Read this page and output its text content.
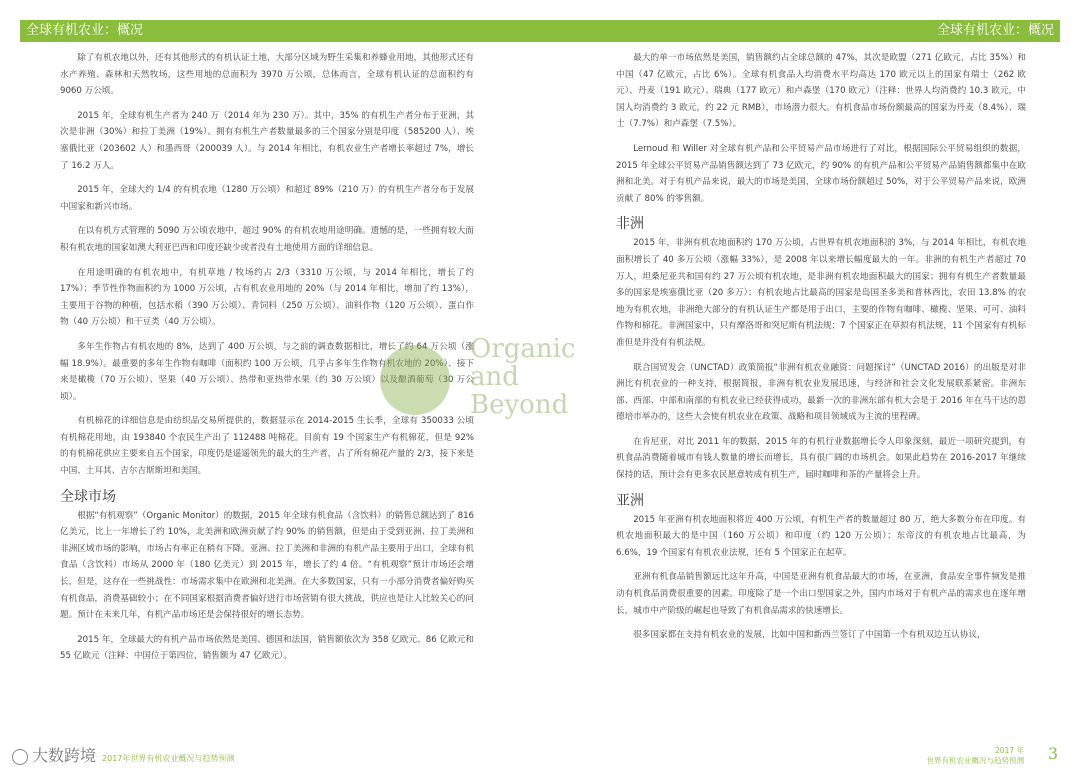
全球有机农业：概况

除了有机农地以外，还有其他形式的有机认证土地，大部分区域为野生采集和养蜂业用地，其他形式还有水产养殖、森林和天然牧场，这些用地的总面积为 3970 万公顷，总体而言，全球有机认证的总面积约有 9060 万公顷。

2015 年，全球有机生产者为 240 万（2014 年为 230 万）。其中，35% 的有机生产者分布于亚洲，其次是非洲（30%）和拉丁美洲（19%）。拥有有机生产者数量最多的三个国家分别是印度（585200 人）、埃塞俄比亚（203602 人）和墨西哥（200039 人）。与 2014 年相比，有机农业生产者增长率超过 7%，增长了 16.2 万人。

2015 年，全球大约 1/4 的有机农地（1280 万公顷）和超过 89%（210 万）的有机生产者分布于发展中国家和新兴市场。

在以有机方式管理的 5090 万公顷农地中，超过 90% 的有机农地用途明确。遗憾的是，一些拥有较大面积有机农地的国家如澳大利亚巴西和印度还缺少或者没有土地使用方面的详细信息。

在用途明确的有机农地中，有机草地 / 牧场约占 2/3（3310 万公顷，与 2014 年相比，增长了约 17%）；季节性作物面积约为 1000 万公顷，占有机农业用地的 20%（与 2014 年相比，增加了约 13%），主要用于谷物的种植，包括水稻（390 万公顷）、青饲料（250 万公顷）、油料作物（120 万公顷）、蛋白作物（40 万公顷）和干豆类（40 万公顷）。

多年生作物占有机农地的 8%，达到了 400 万公顷，与之前的调查数据相比，增长了约 64 万公顷（涨幅 18.9%）。最重要的多年生作物有咖啡（面积约 100 万公顷，几乎占多年生作物有机农地的 20%）、接下来是橄榄（70 万公顷）、坚果（40 万公顷）、热带和亚热带水果（约 30 万公顷）以及酿酒葡萄（30 万公顷）。

有机棉花的详细信息是由纺织品交易所提供的，数据显示在 2014-2015 生长季，全球有 350033 公顷有机棉花用地，由 193840 个农民生产出了 112488 吨棉花。目前有 19 个国家生产有机棉花，但是 92% 的有机棉花供应主要来自五个国家，印度仍是遥遥领先的最大的生产者，占了所有棉花产量的 2/3，接下来是中国、土耳其、吉尔吉斯斯坦和美国。

全球市场

根据“有机观察”（Organic Monitor）的数据，2015 年全球有机食品（含饮料）的销售总额达到了 816 亿美元，比上一年增长了约 10%，北美洲和欧洲贡献了约 90% 的销售额，但是由于受到亚洲、拉丁美洲和非洲区域市场的影响，市场占有率正在稍有下降。亚洲、拉丁美洲和非洲的有机产品主要用于出口，全球有机食品（含饮料）市场从 2000 年（180 亿美元）到 2015 年，增长了约 4 倍。“有机观察”预计市场还会增长，但是，这存在一些挑战性：市场需求集中在欧洲和北美洲。在大多数国家，只有一小部分消费者偏好购买有机食品，消费基础较小；在不同国家根据消费者偏好进行市场营销有很大挑战，供应也是让人比较关心的问题。预计在未来几年，有机产品市场还是会保持很好的增长态势。

2015 年，全球最大的有机产品市场依然是美国、德国和法国，销售额依次为 358 亿欧元、86 亿欧元和 55 亿欧元（注释：中国位于第四位，销售额为 47 亿欧元）。

大数跨境 2017年世界有机农业概况与趋势预测
全球有机农业：概况

最大的单一市场依然是美国，销售额约占全球总额的 47%，其次是欧盟（271 亿欧元，占比 35%）和中国（47 亿欧元，占比 6%）。全球有机食品人均消费水平均高达 170 欧元以上的国家有瑞士（262 欧元）、丹麦（191 欧元）、瑞典（177 欧元）和卢森堡（170 欧元）（注释：世界人均消费约 10.3 欧元，中国人均消费约 3 欧元，约 22 元 RMB），市场潜力很大。有机食品市场份额最高的国家为丹麦（8.4%）、瑞士（7.7%）和卢森堡（7.5%）。

Lernoud 和 Willer 对全球有机产品和公平贸易产品市场进行了对比，根据国际公平贸易组织的数据，2015 年全球公平贸易产品销售额达到了 73 亿欧元，约 90% 的有机产品和公平贸易产品销售额都集中在欧洲和北美。对于有机产品来说，最大的市场是美国，全球市场份额超过 50%，对于公平贸易产品来说，欧洲贡献了 80% 的零售额。

非洲

2015 年，非洲有机农地面积约 170 万公顷，占世界有机农地面积的 3%，与 2014 年相比，有机农地面积增长了 40 多万公顷（涨幅 33%），是 2008 年以来增长幅度最大的一年。非洲的有机生产者超过 70 万人，坦桑尼亚共和国有约 27 万公顷有机农地，是非洲有机农地面积最大的国家；拥有有机生产者数量最多的国家是埃塞俄比亚（20 多万）；有机农地占比最高的国家是岛国圣多美和普林西比，农田 13.8% 的农地为有机农地，非洲绝大部分的有机认证生产都是用于出口，主要的作物有咖啡、橄榄、坚果、可可、油料作物和棉花。非洲国家中，只有摩洛哥和突尼斯有机法规；7 个国家正在草拟有机法规，11 个国家有有机标准但是并没有有机法规。

联合国贸发会（UNCTAD）政策简报“非洲有机农业融资：问题探讨”（UNCTAD 2016）的出版是对非洲比有机农业的一种支持，根据简报，非洲有机农业发展迅速，与经济和社会文化发展联系紧密。非洲东部、西部、中部和南部的有机农业已经获得成功，最新一次的非洲东部有机大会是于 2016 年在马干达的恩德培市举办的，这些大会使有机农业在政策、战略和项目领域成为主流的里程碑。

在肯尼亚，对比 2011 年的数据，2015 年的有机行业数据增长令人印象深刻，最近一项研究提到，有机食品消费随着城市有钱人数量的增长而增长，具有很广阔的市场机会。如果此趋势在 2016-2017 年继续保持的话，预计会有更多农民愿意转成有机生产，届时咖啡和茶的产量将会上升。

亚洲

2015 年亚洲有机农地面积将近 400 万公顷，有机生产者的数量超过 80 万，绝大多数分布在印度。有机农地面积最大的是中国（160 万公顷）和印度（约 120 万公顷）；东帝汶的有机农地占比最高，为 6.6%，19 个国家有有机农业法规，还有 5 个国家正在起草。

亚洲有机食品销售额远比这年升高，中国是亚洲有机食品最大的市场，在亚洲，食品安全事件频发是推动有机食品消费很重要的因素。印度除了是一个出口型国家之外，国内市场对于有机产品的需求也在逐年增长，城市中产阶级的崛起也导致了有机食品需求的快速增长。

很多国家都在支持有机农业的发展，比如中国和新西兰签订了中国第一个有机双边互认协议，

2017 年
世界有机农业概况与趋势预测 3
Organic
and
Beyond
